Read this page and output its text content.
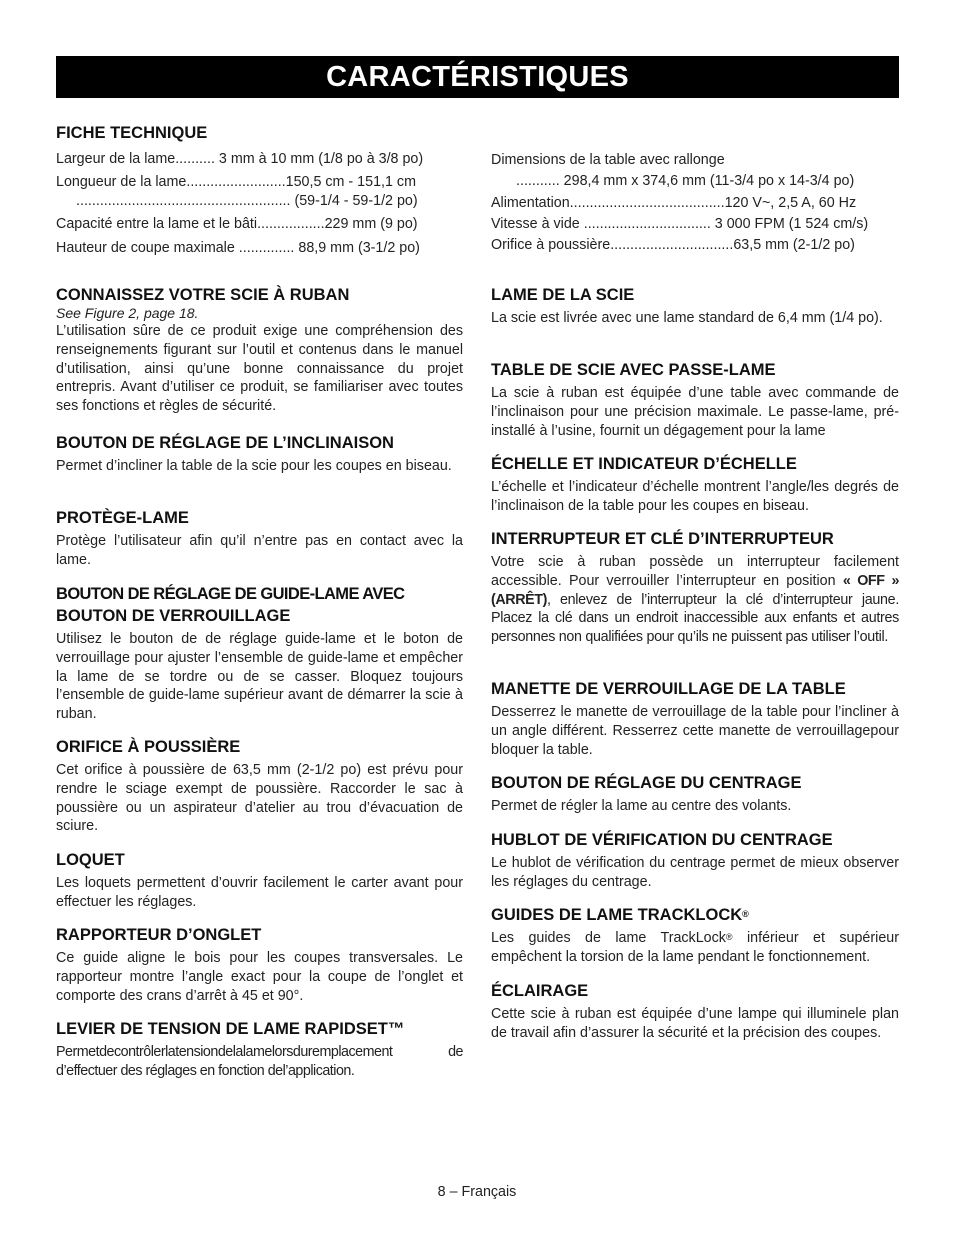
CARACTÉRISTIQUES
FICHE TECHNIQUE
Largeur de la lame.......... 3 mm à 10 mm (1/8 po à 3/8 po)
Longueur de la lame.........................150,5 cm - 151,1 cm
...................................................... (59-1/4 - 59-1/2 po)
Capacité entre la lame et le bâti.................229 mm (9 po)
Hauteur de coupe maximale .............. 88,9 mm (3-1/2 po)
Dimensions de la table avec rallonge
........... 298,4 mm x 374,6 mm (11-3/4 po x 14-3/4 po)
Alimentation.......................................120 V~, 2,5 A, 60 Hz
Vitesse à vide ................................ 3 000 FPM (1 524 cm/s)
Orifice à poussière...............................63,5 mm (2-1/2 po)
CONNAISSEZ VOTRE SCIE À RUBAN
See Figure 2, page 18.
L’utilisation sûre de ce produit exige une compréhension des renseignements figurant sur l’outil et contenus dans le manuel d’utilisation, ainsi qu’une bonne connaissance du projet entrepris. Avant d’utiliser ce produit, se familiariser avec toutes ses fonctions et règles de sécurité.
BOUTON DE RÉGLAGE DE L’INCLINAISON
Permet d’incliner la table de la scie pour les coupes en biseau.
PROTÈGE-LAME
Protège l’utilisateur afin qu’il n’entre pas en contact avec la lame.
BOUTON DE RÉGLAGE DE GUIDE-LAME AVEC
BOUTON DE VERROUILLAGE
Utilisez le bouton de de réglage guide-lame et le boton de verrouillage pour ajuster l’ensemble de guide-lame et empêcher la lame de se tordre ou de se casser. Bloquez toujours l’ensemble de guide-lame supérieur avant de démarrer la scie à ruban.
ORIFICE À POUSSIÈRE
Cet orifice à poussière de 63,5 mm (2-1/2 po) est prévu pour rendre le sciage exempt de poussière. Raccorder le sac à poussière ou un aspirateur d’atelier au trou d’évacuation de sciure.
LOQUET
Les loquets permettent d’ouvrir facilement le carter avant pour effectuer les réglages.
RAPPORTEUR D’ONGLET
Ce guide aligne le bois pour les coupes transversales. Le rapporteur montre l’angle exact pour la coupe de l’onglet et comporte des crans d’arrêt à 45 et 90°.
LEVIER DE TENSION DE LAME RAPIDSET™
Permetdecontrôlerlatensiondelalamelorsduremplacement de d’effectuer des réglages en fonction del’application.
LAME DE LA SCIE
La scie est livrée avec une lame standard de 6,4 mm (1/4 po).
TABLE DE SCIE AVEC PASSE-LAME
La scie à ruban est équipée d’une table avec commande de l’inclinaison pour une précision maximale. Le passe-lame, pré-installé à l’usine, fournit un dégagement pour la lame
ÉCHELLE ET INDICATEUR D’ÉCHELLE
L’échelle et l’indicateur d’échelle montrent l’angle/les degrés de l’inclinaison de la table pour les coupes en biseau.
INTERRUPTEUR ET CLÉ D’INTERRUPTEUR
Votre scie à ruban possède un interrupteur facilement accessible. Pour verrouiller l’interrupteur en position « OFF » (ARRÊT), enlevez de l’interrupteur la clé d’interrupteur jaune. Placez la clé dans un endroit inaccessible aux enfants et autres personnes non qualifiées pour qu’ils ne puissent pas utiliser l’outil.
MANETTE DE VERROUILLAGE DE LA TABLE
Desserrez le manette de verrouillage de la table pour l’incliner à un angle différent. Resserrez cette manette de verrouillagepour bloquer la table.
BOUTON DE RÉGLAGE DU CENTRAGE
Permet de régler la lame au centre des volants.
HUBLOT DE VÉRIFICATION DU CENTRAGE
Le hublot de vérification du centrage permet de mieux observer les réglages du centrage.
GUIDES DE LAME TRACKLOCK®
Les guides de lame TrackLock® inférieur et supérieur empêchent la torsion de la lame pendant le fonctionnement.
ÉCLAIRAGE
Cette scie à ruban est équipée d’une lampe qui illuminele plan de travail afin d’assurer la sécurité et la précision des coupes.
8 – Français
